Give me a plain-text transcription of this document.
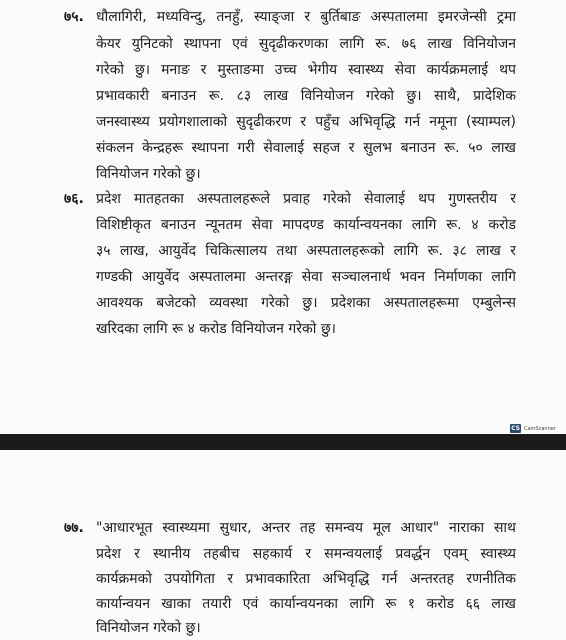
७५. धौलागिरी, मध्यविन्दु, तनहुँ, स्याङ्जा र बुर्तिबाङ अस्पतालमा इमरजेन्सी ट्रमा
केयर युनिटको स्थापना एवं सुदृढीकरणका लागि रू. ७६ लाख विनियोजन
गरेको छु। मनाङ र मुस्ताङमा उच्च भेगीय स्वास्थ्य सेवा कार्यक्रमलाई थप
प्रभावकारी बनाउन रू. ८३ लाख विनियोजन गरेको छु। साथै, प्रादेशिक
जनस्वास्थ्य प्रयोगशालाको सुदृढीकरण र पहुँच अभिवृद्धि गर्न नमूना (स्याम्पल)
संकलन केन्द्रहरू स्थापना गरी सेवालाई सहज र सुलभ बनाउन रू. ५० लाख
विनियोजन गरेको छु।
७६. प्रदेश मातहतका अस्पतालहरूले प्रवाह गरेको सेवालाई थप गुणस्तरीय र
विशिष्टीकृत बनाउन न्यूनतम सेवा मापदण्ड कार्यान्वयनका लागि रू. ४ करोड
३५ लाख, आयुर्वेद चिकित्सालय तथा अस्पतालहरूको लागि रू. ३८ लाख र
गण्डकी आयुर्वेद अस्पतालमा अन्तरङ्ग सेवा सञ्चालनार्थ भवन निर्माणका लागि
आवश्यक बजेटको व्यवस्था गरेको छु। प्रदेशका अस्पतालहरूमा एम्बुलेन्स
खरिदका लागि रू ४ करोड विनियोजन गरेको छु।
CS CamScanner
७७. "आधारभूत स्वास्थ्यमा सुधार, अन्तर तह समन्वय मूल आधार" नाराका साथ
प्रदेश र स्थानीय तहबीच सहकार्य र समन्वयलाई प्रवर्द्धन एवम् स्वास्थ्य
कार्यक्रमको उपयोगिता र प्रभावकारिता अभिवृद्धि गर्न अन्तरतह रणनीतिक
कार्यान्वयन खाका तयारी एवं कार्यान्वयनका लागि रू १ करोड ६६ लाख
विनियोजन गरेको छु।
